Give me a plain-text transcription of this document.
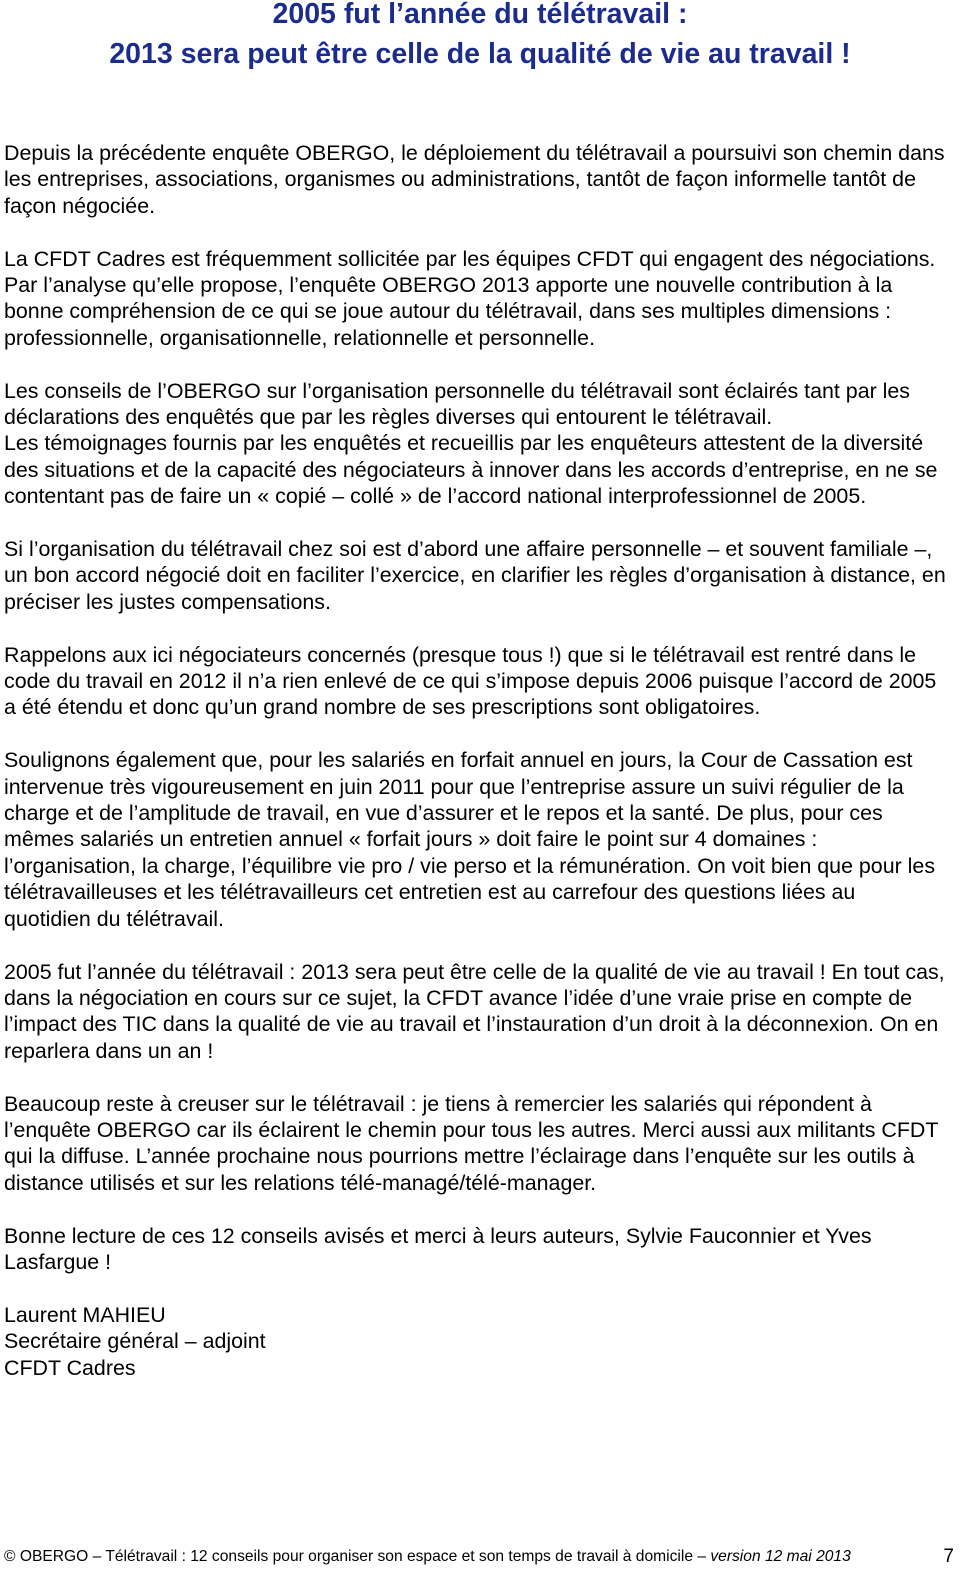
2005 fut l’année du télétravail :
2013 sera peut être celle de la qualité de vie au travail !

Depuis la précédente enquête OBERGO, le déploiement du télétravail a poursuivi son chemin dans les entreprises, associations, organismes ou administrations, tantôt de façon informelle tantôt de façon négociée.

La CFDT Cadres est fréquemment sollicitée par les équipes CFDT qui engagent des négociations. Par l’analyse qu’elle propose, l’enquête OBERGO 2013 apporte une nouvelle contribution à la bonne compréhension de ce qui se joue autour du télétravail, dans ses multiples dimensions : professionnelle, organisationnelle, relationnelle et personnelle.

Les conseils de l’OBERGO sur l’organisation personnelle du télétravail sont éclairés tant par les déclarations des enquêtés que par les règles diverses qui entourent le télétravail.

Les témoignages fournis par les enquêtés et recueillis par les enquêteurs attestent de la diversité des situations et de la capacité des négociateurs à innover dans les accords d’entreprise, en ne se contentant pas de faire un « copié – collé » de l’accord national interprofessionnel de 2005.

Si l’organisation du télétravail chez soi est d’abord une affaire personnelle – et souvent familiale –, un bon accord négocié doit en faciliter l’exercice, en clarifier les règles d’organisation à distance, en préciser les justes compensations.

Rappelons aux ici négociateurs concernés (presque tous !) que si le télétravail est rentré dans le code du travail en 2012 il n’a rien enlevé de ce qui s’impose depuis 2006 puisque l’accord de 2005 a été étendu et donc qu’un grand nombre de ses prescriptions sont obligatoires.

Soulignons également que, pour les salariés en forfait annuel en jours, la Cour de Cassation est intervenue très vigoureusement en juin 2011 pour que l’entreprise assure un suivi régulier de la charge et de l’amplitude de travail, en vue d’assurer et le repos et la santé. De plus, pour ces mêmes salariés un entretien annuel « forfait jours » doit faire le point sur 4 domaines : l’organisation, la charge, l’équilibre vie pro / vie perso et la rémunération. On voit bien que pour les télétravailleuses et les télétravailleurs cet entretien est au carrefour des questions liées au quotidien du télétravail.

2005 fut l’année du télétravail : 2013 sera peut être celle de la qualité de vie au travail ! En tout cas, dans la négociation en cours sur ce sujet, la CFDT avance l’idée d’une vraie prise en compte de l’impact des TIC dans la qualité de vie au travail et l’instauration d’un droit à la déconnexion. On en reparlera dans un an !

Beaucoup reste à creuser sur le télétravail : je tiens à remercier les salariés qui répondent à l’enquête OBERGO car ils éclairent le chemin pour tous les autres. Merci aussi aux militants CFDT qui la diffuse. L’année prochaine nous pourrions mettre l’éclairage dans l’enquête sur les outils à distance utilisés et sur les relations télé-managé/télé-manager.

Bonne lecture de ces 12 conseils avisés et merci à leurs auteurs, Sylvie Fauconnier et Yves Lasfargue !

Laurent MAHIEU
Secrétaire général – adjoint
CFDT Cadres
© OBERGO – Télétravail : 12 conseils pour organiser son espace et son temps de travail à domicile – version 12 mai 2013	7
